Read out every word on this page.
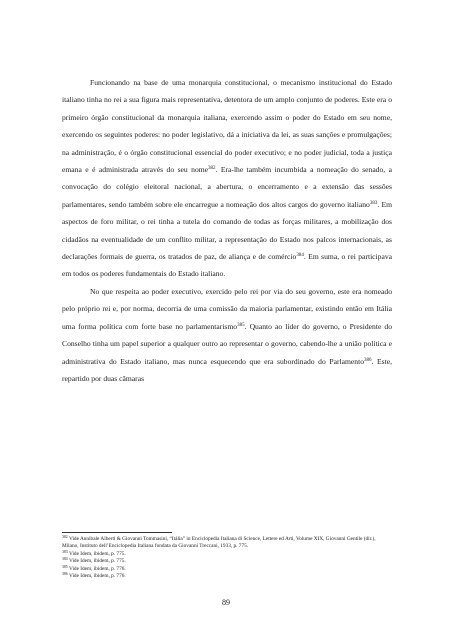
Funcionando na base de uma monarquia constitucional, o mecanismo institucional do Estado italiano tinha no rei a sua figura mais representativa, detentora de um amplo conjunto de poderes. Este era o primeiro órgão constitucional da monarquia italiana, exercendo assim o poder do Estado em seu nome, exercendo os seguintes poderes: no poder legislativo, dá a iniciativa da lei, as suas sanções e promulgações; na administração, é o órgão constitucional essencial do poder executivo; e no poder judicial, toda a justiça emana e é administrada através do seu nome$^{382}$. Era-lhe também incumbida a nomeação do senado, a convocação do colégio eleitoral nacional, a abertura, o encerramento e a extensão das sessões parlamentares, sendo também sobre ele encarregue a nomeação dos altos cargos do governo italiano$^{383}$. Em aspectos de foro militar, o rei tinha a tutela do comando de todas as forças militares, a mobilização dos cidadãos na eventualidade de um conflito militar, a representação do Estado nos palcos internacionais, as declarações formais de guerra, os tratados de paz, de aliança e de comércio$^{384}$. Em suma, o rei participava em todos os poderes fundamentais do Estado italiano.

No que respeita ao poder executivo, exercido pelo rei por via do seu governo, este era nomeado pelo próprio rei e, por norma, decorria de uma comissão da maioria parlamentar, existindo então em Itália uma forma política com forte base no parlamentarismo$^{385}$. Quanto ao líder do governo, o Presidente do Conselho tinha um papel superior a qualquer outro ao representar o governo, cabendo-lhe a união política e administrativa do Estado italiano, mas nunca esquecendo que era subordinado do Parlamento$^{386}$. Este, repartido por duas câmaras

$^{382}$ Vide Annibale Alberti & Giovanni Tommasini, “Itália” in Enciclopedia Italiana di Science, Lettere ed Arti, Volume XIX, Giovanni Gentile (dir.), Milano, Instituto dell’Enciclopedia Italiana fondata da Giovanni Treccani, 1933, p. 775.

$^{383}$ Vide Idem, ibidem, p. 775.

$^{384}$ Vide Idem, ibidem, p. 775.

$^{385}$ Vide Idem, ibidem, p. 776.

$^{386}$ Vide Idem, ibidem, p. 776.

89
